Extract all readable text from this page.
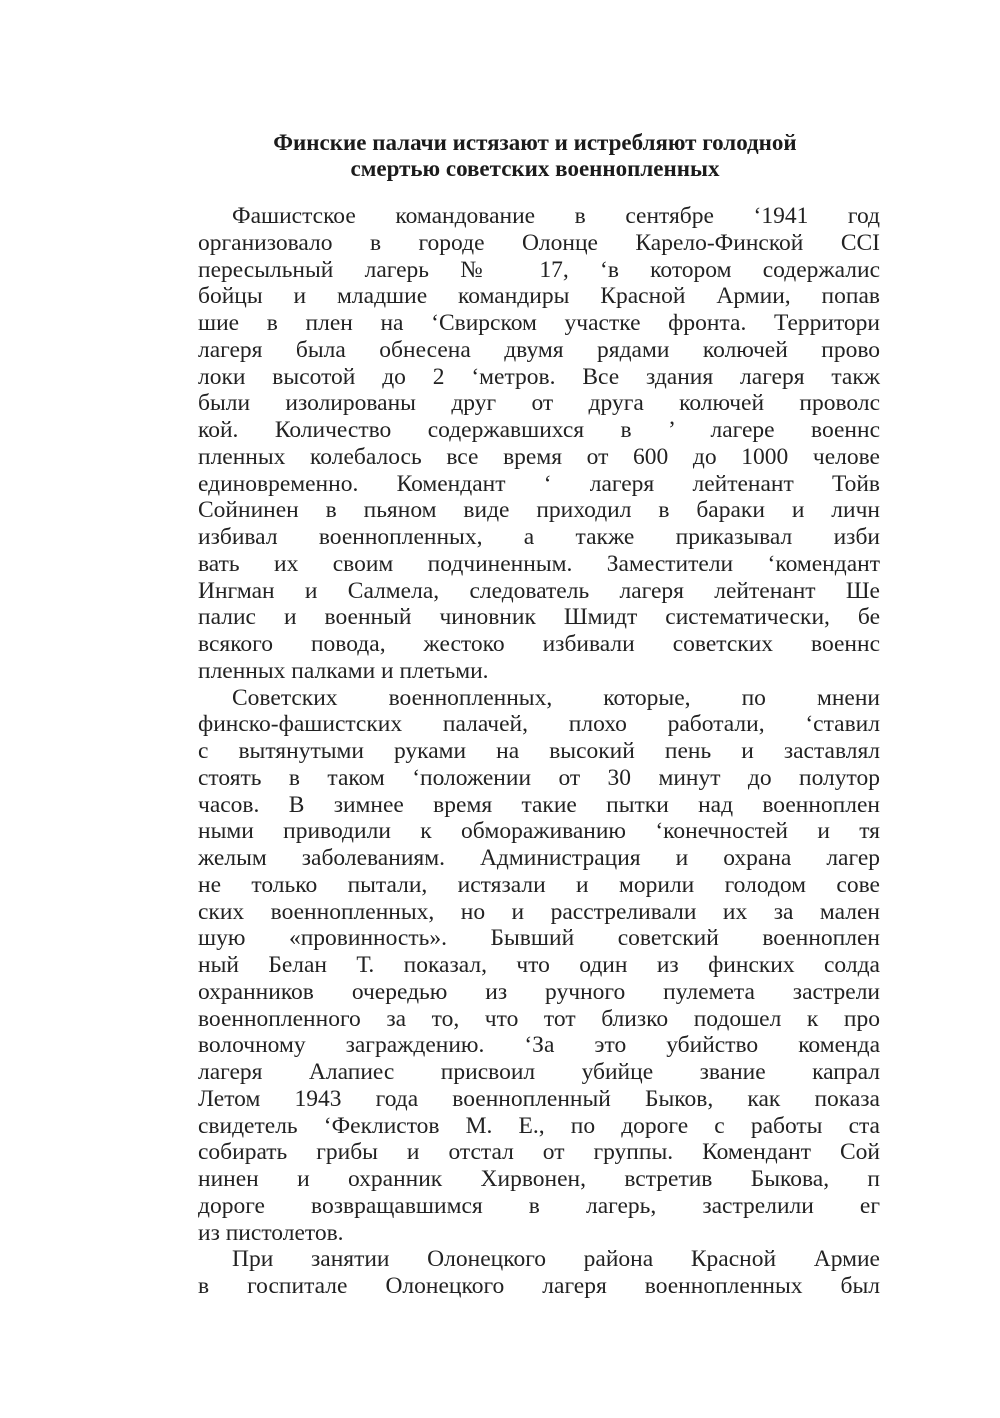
Финские палачи истязают и истребляют голодной
смертью советских военнопленных
Фашистское командование в сентябре ‘1941 год
организовало в городе Олонце Карело-Финской ССІ
пересыльный лагерь № 17, ‘в котором содержалис
бойцы и младшие командиры Красной Армии, попав
шие в плен на ‘Свирском участке фронта. Территори
лагеря была обнесена двумя рядами колючей прово
локи высотой до 2 ‘метров. Все здания лагеря такж
были изолированы друг от друга колючей проволс
кой. Количество содержавшихся в ’ лагере военнс
пленных колебалось все время от 600 до 1000 челове
единовременно. Комендант ‘ лагеря лейтенант Тойв
Сойнинен в пьяном виде приходил в бараки и личн
избивал военнопленных, а также приказывал изби
вать их своим подчиненным. Заместители ‘комендант
Ингман и Салмела, следователь лагеря лейтенант Ше
палис и военный чиновник Шмидт систематически, бе
всякого повода, жестоко избивали советских военнс
пленных палками и плетьми.
Советских военнопленных, которые, по мнени
финско-фашистских палачей, плохо работали, ‘ставил
с вытянутыми руками на высокий пень и заставлял
стоять в таком ‘положении от 30 минут до полутор
часов. В зимнее время такие пытки над военноплен
ными приводили к обмораживанию ‘конечностей и тя
желым заболеваниям. Администрация и охрана лагер
не только пытали, истязали и морили голодом сове
ских военнопленных, но и расстреливали их за мален
шую «провинность». Бывший советский военноплен
ный Белан Т. показал, что один из финских солда
охранников очередью из ручного пулемета застрели
военнопленного за то, что тот близко подошел к про
волочному заграждению. ‘За это убийство коменда
лагеря Алапиес присвоил убийце звание капрал
Летом 1943 года военнопленный Быков, как показа
свидетель ‘Феклистов М. Е., по дороге с работы ста
собирать грибы и отстал от группы. Комендант Сой
нинен и охранник Хирвонен, встретив Быкова, п
дороге возвращавшимся в лагерь, застрелили ег
из пистолетов.
При занятии Олонецкого района Красной Армие
в госпитале Олонецкого лагеря военнопленных был
